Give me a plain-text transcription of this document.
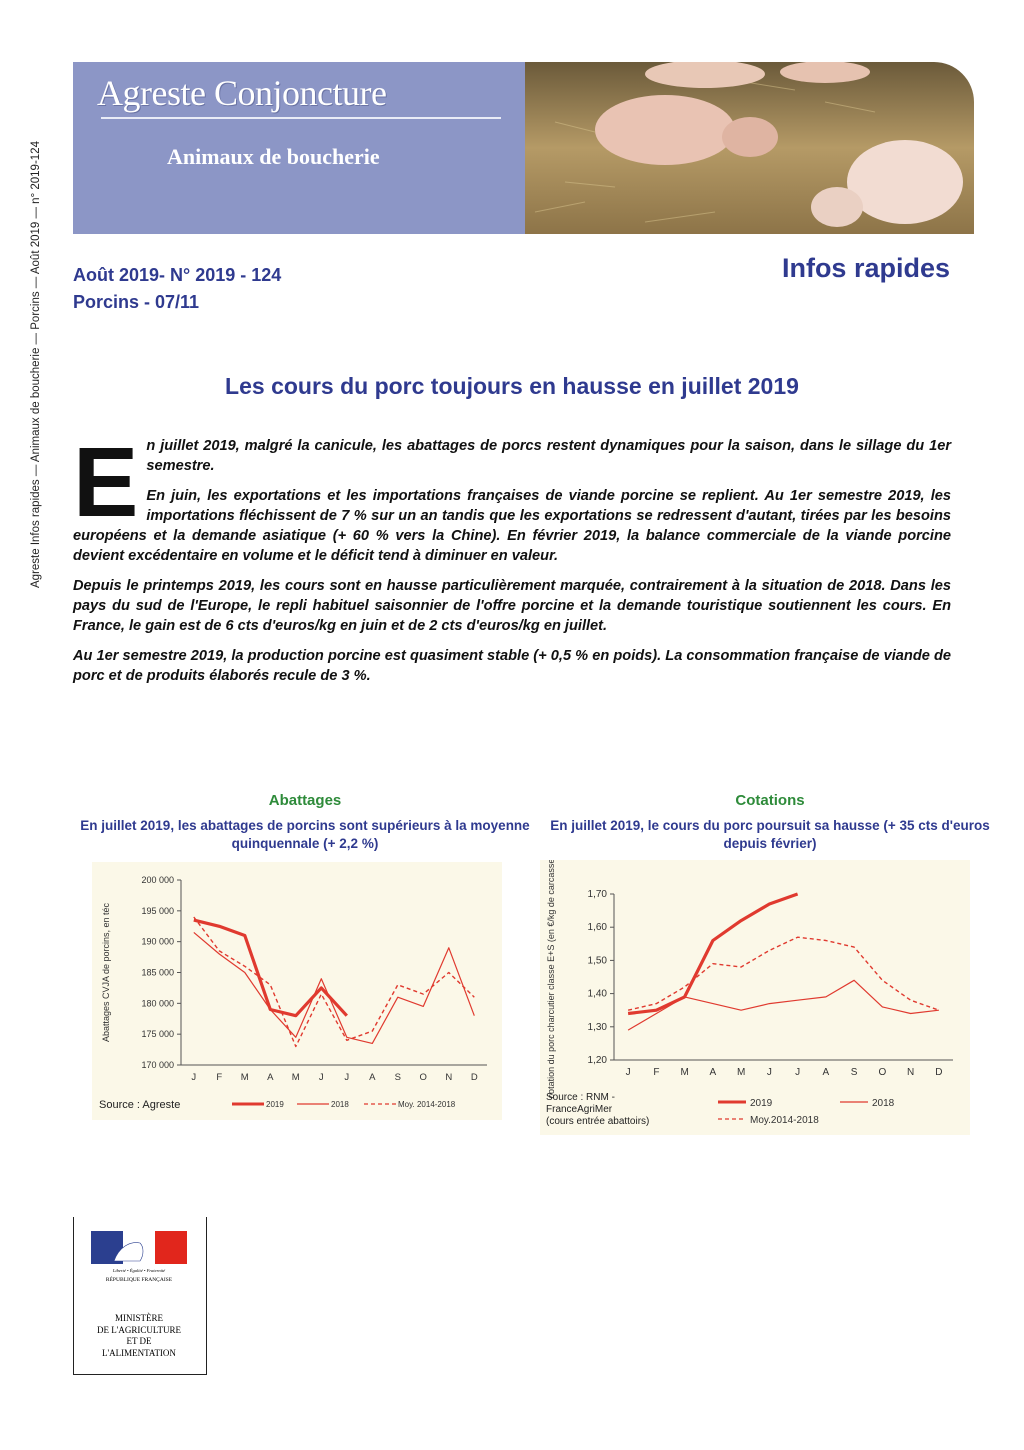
Agreste Infos rapides — Animaux de boucherie — Porcins — Août 2019 — n° 2019-124
Agreste Conjoncture
Animaux de boucherie
Août 2019- N° 2019 - 124
Porcins - 07/11
Infos rapides
Les cours du porc toujours en hausse en juillet 2019
E n juillet 2019, malgré la canicule, les abattages de porcs restent dynamiques pour la saison, dans le sillage du 1er semestre.

En juin, les exportations et les importations françaises de viande porcine se replient. Au 1er semestre 2019, les importations fléchissent de 7 % sur un an tandis que les exportations se redressent d'autant, tirées par les besoins européens et la demande asiatique (+ 60 % vers la Chine). En février 2019, la balance commerciale de la viande porcine devient excédentaire en volume et le déficit tend à diminuer en valeur.

Depuis le printemps 2019, les cours sont en hausse particulièrement marquée, contrairement à la situation de 2018. Dans les pays du sud de l'Europe, le repli habituel saisonnier de l'offre porcine et la demande touristique soutiennent les cours. En France, le gain est de 6 cts d'euros/kg en juin et de 2 cts d'euros/kg en juillet.

Au 1er semestre 2019, la production porcine est quasiment stable (+ 0,5 % en poids). La consommation française de viande de porc et de produits élaborés recule de 3 %.

Abattages
En juillet 2019, les abattages de porcins sont supérieurs à la moyenne quinquennale (+ 2,2 %)
170 000
175 000
180 000
185 000
190 000
195 000
200 000
J F M A M J J A S O N D
Abattages CVJA de porcins, en téc
Source : Agreste	2019	2018	Moy. 2014-2018
Cotations
En juillet 2019, le cours du porc poursuit sa hausse (+ 35 cts d'euros depuis février)
1,20
1,30
1,40
1,50
1,60
1,70
J F M A M J J A S O N D
cotation du porc charcutier classe E+S (en €/kg de carcasse)
Source : RNM -
FranceAgriMer
(cours entrée abattoirs)
2019	2018
Moy.2014-2018
Liberté • Égalité • Fraternité
RÉPUBLIQUE FRANÇAISE
MINISTÈRE
DE L'AGRICULTURE
ET DE
L'ALIMENTATION
